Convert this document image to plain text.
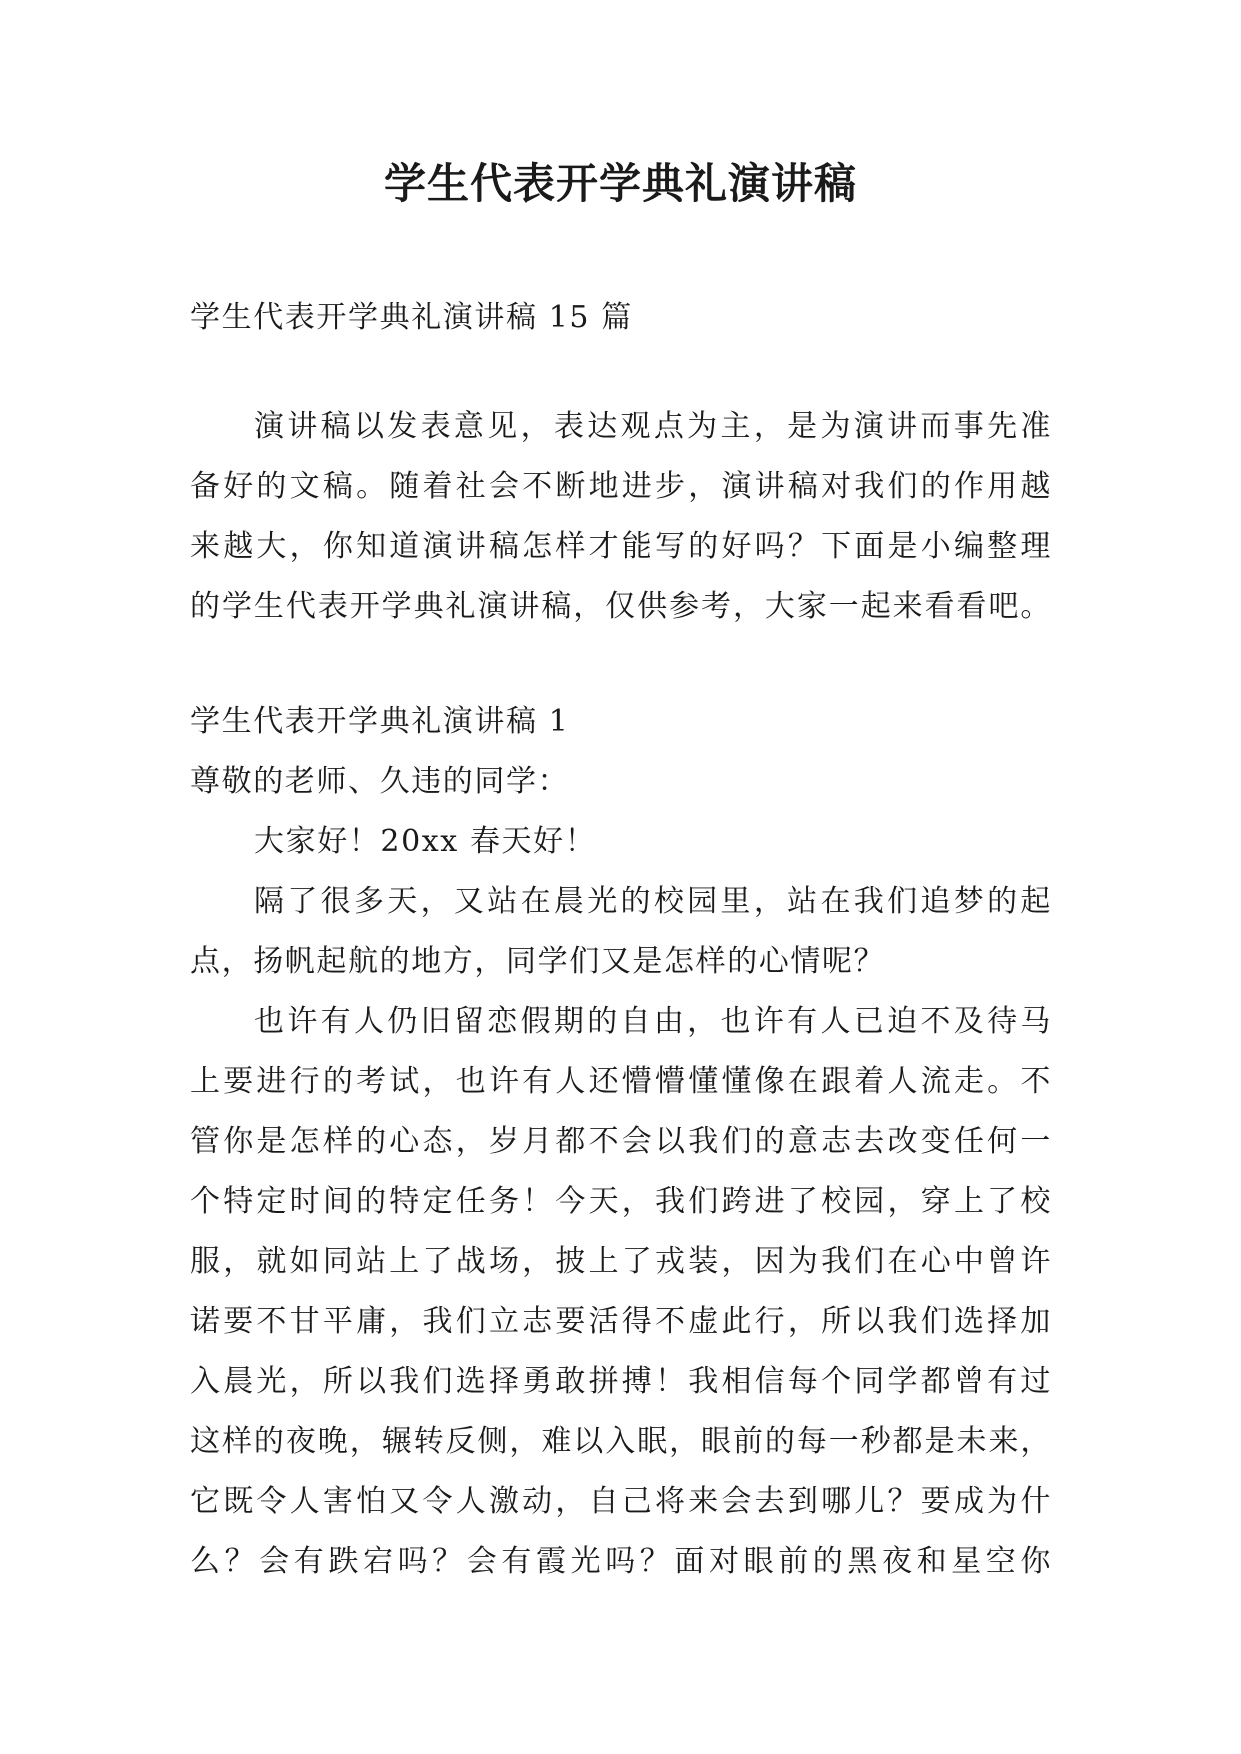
学生代表开学典礼演讲稿
学生代表开学典礼演讲稿 15 篇
演讲稿以发表意见，表达观点为主，是为演讲而事先准
备好的文稿。随着社会不断地进步，演讲稿对我们的作用越
来越大，你知道演讲稿怎样才能写的好吗？下面是小编整理
的学生代表开学典礼演讲稿，仅供参考，大家一起来看看吧。
学生代表开学典礼演讲稿 1
尊敬的老师、久违的同学：
大家好！20xx 春天好！
隔了很多天，又站在晨光的校园里，站在我们追梦的起
点，扬帆起航的地方，同学们又是怎样的心情呢？
也许有人仍旧留恋假期的自由，也许有人已迫不及待马
上要进行的考试，也许有人还懵懵懂懂像在跟着人流走。不
管你是怎样的心态，岁月都不会以我们的意志去改变任何一
个特定时间的特定任务！今天，我们跨进了校园，穿上了校
服，就如同站上了战场，披上了戎装，因为我们在心中曾许
诺要不甘平庸，我们立志要活得不虚此行，所以我们选择加
入晨光，所以我们选择勇敢拼搏！我相信每个同学都曾有过
这样的夜晚，辗转反侧，难以入眠，眼前的每一秒都是未来，
它既令人害怕又令人激动，自己将来会去到哪儿？要成为什
么？会有跌宕吗？会有霞光吗？面对眼前的黑夜和星空你
